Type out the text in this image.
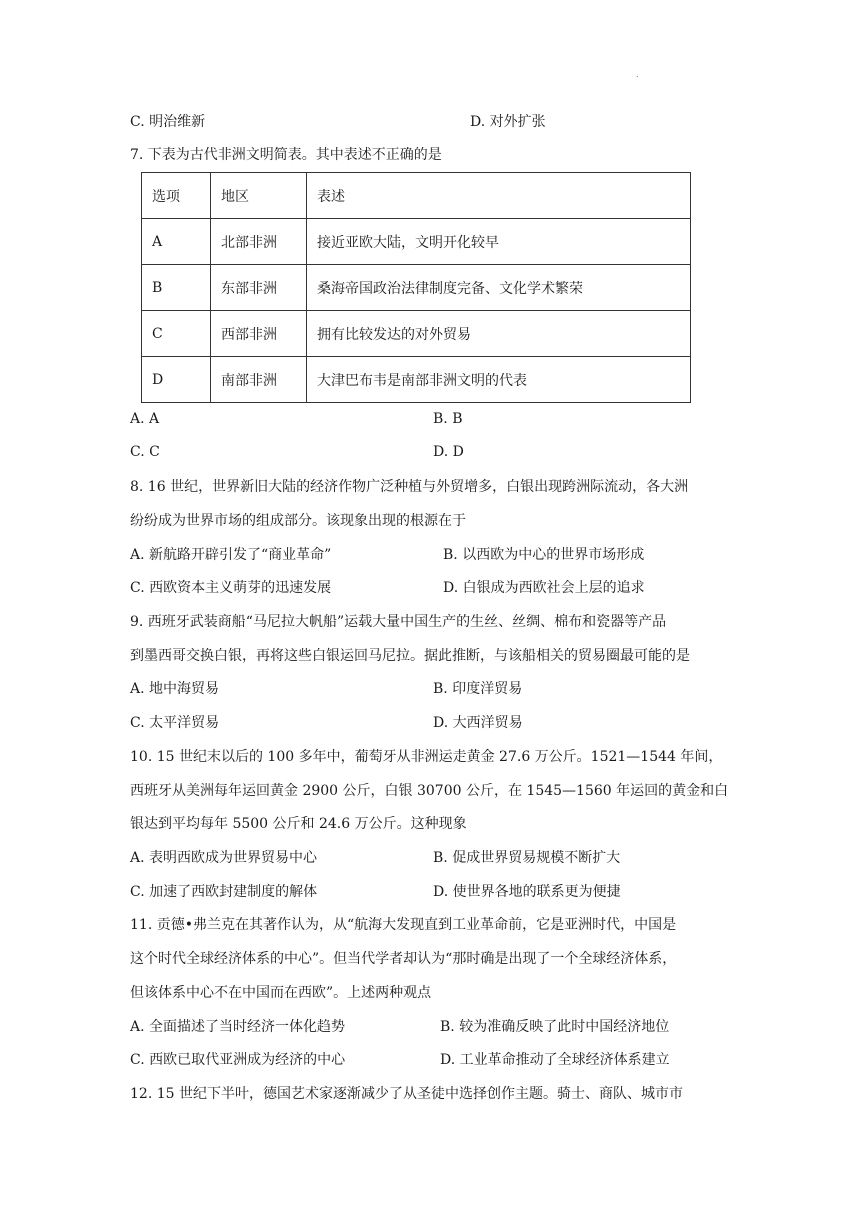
.
C. 明治维新	D. 对外扩张
7. 下表为古代非洲文明简表。其中表述不正确的是
选项	地区	表述
A	北部非洲	接近亚欧大陆，文明开化较早
B	东部非洲	桑海帝国政治法律制度完备、文化学术繁荣
C	西部非洲	拥有比较发达的对外贸易
D	南部非洲	大津巴布韦是南部非洲文明的代表
A. A	B. B
C. C	D. D
8. 16 世纪，世界新旧大陆的经济作物广泛种植与外贸增多，白银出现跨洲际流动，各大洲
纷纷成为世界市场的组成部分。该现象出现的根源在于
A. 新航路开辟引发了“商业革命”	B. 以西欧为中心的世界市场形成
C. 西欧资本主义萌芽的迅速发展	D. 白银成为西欧社会上层的追求
9. 西班牙武装商船“马尼拉大帆船”运载大量中国生产的生丝、丝绸、棉布和瓷器等产品
到墨西哥交换白银，再将这些白银运回马尼拉。据此推断，与该船相关的贸易圈最可能的是
A. 地中海贸易	B. 印度洋贸易
C. 太平洋贸易	D. 大西洋贸易
10. 15 世纪末以后的 100 多年中，葡萄牙从非洲运走黄金 27.6 万公斤。1521—1544 年间，
西班牙从美洲每年运回黄金 2900 公斤，白银 30700 公斤，在 1545—1560 年运回的黄金和白
银达到平均每年 5500 公斤和 24.6 万公斤。这种现象
A. 表明西欧成为世界贸易中心	B. 促成世界贸易规模不断扩大
C. 加速了西欧封建制度的解体	D. 使世界各地的联系更为便捷
11. 贡德•弗兰克在其著作认为，从“航海大发现直到工业革命前，它是亚洲时代，中国是
这个时代全球经济体系的中心”。但当代学者却认为“那时确是出现了一个全球经济体系，
但该体系中心不在中国而在西欧”。上述两种观点
A. 全面描述了当时经济一体化趋势	B. 较为准确反映了此时中国经济地位
C. 西欧已取代亚洲成为经济的中心	D. 工业革命推动了全球经济体系建立
12. 15 世纪下半叶，德国艺术家逐渐减少了从圣徒中选择创作主题。骑士、商队、城市市
